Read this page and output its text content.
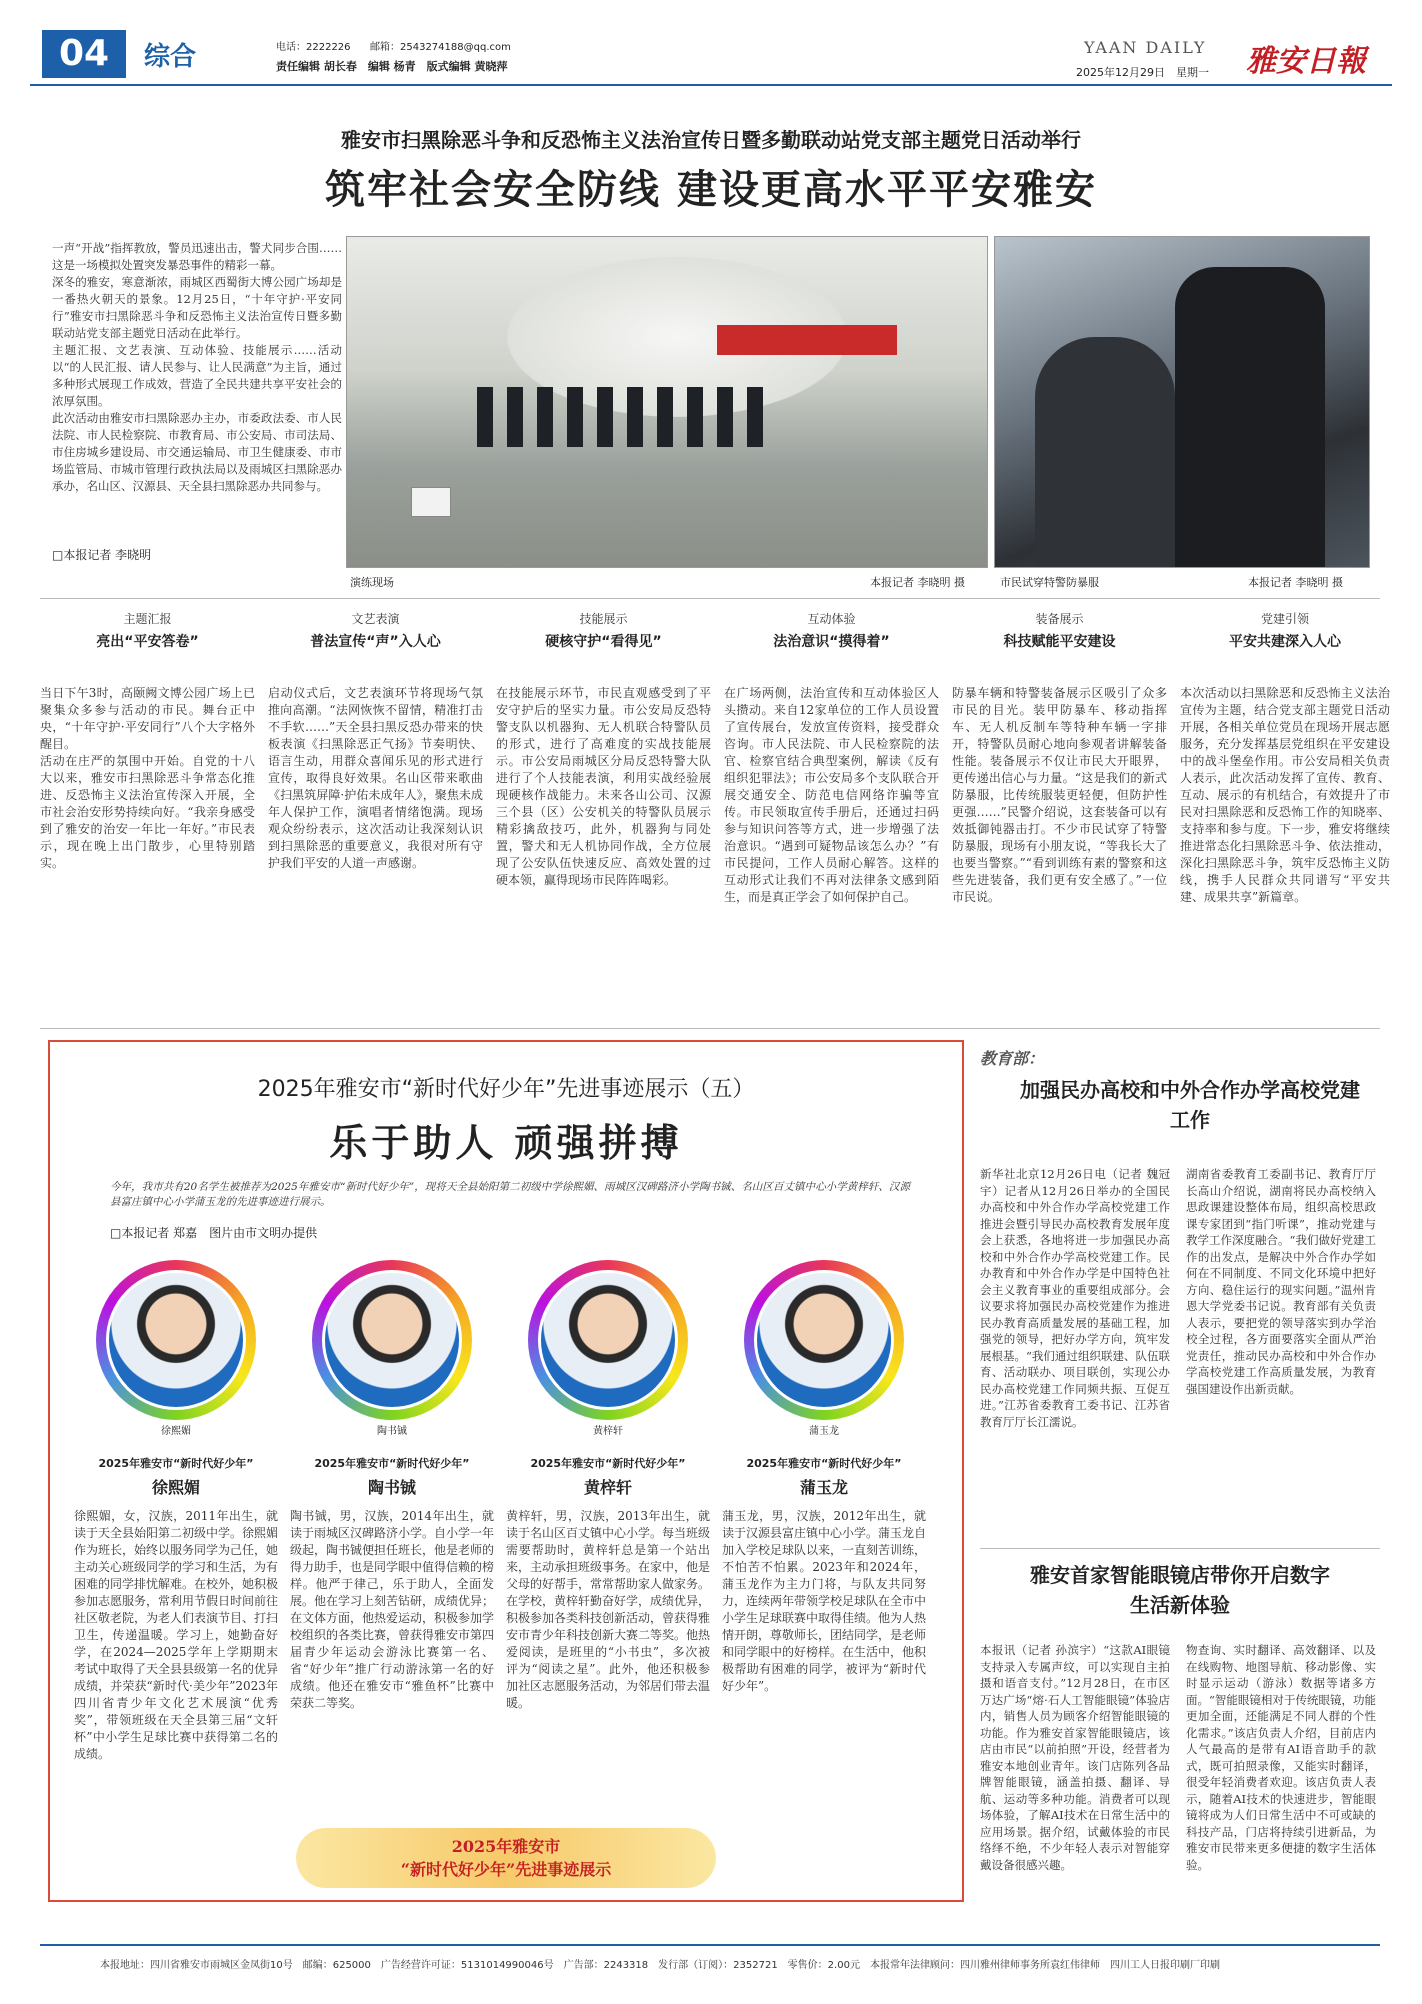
04	综合	电话：2222226 邮箱：2543274188@qq.com
责任编辑 胡长春　编辑 杨青　版式编辑 黄晓萍
YAAN DAILY
2025年12月29日　星期一 雅安日報
雅安市扫黑除恶斗争和反恐怖主义法治宣传日暨多勤联动站党支部主题党日活动举行
筑牢社会安全防线 建设更高水平平安雅安
一声“开战”指挥教放，警员迅速出击，警犬同步合围……这是一场模拟处置突发暴恐事件的精彩一幕。
深冬的雅安，寒意渐浓，雨城区西蜀街大博公园广场却是一番热火朝天的景象。12月25日，“十年守护·平安同行”雅安市扫黑除恶斗争和反恐怖主义法治宣传日暨多勤联动站党支部主题党日活动在此举行。
主题汇报、文艺表演、互动体验、技能展示……活动以“的人民汇报、请人民参与、让人民满意”为主旨，通过多种形式展现工作成效，营造了全民共建共享平安社会的浓厚氛围。
此次活动由雅安市扫黑除恶办主办，市委政法委、市人民法院、市人民检察院、市教育局、市公安局、市司法局、市住房城乡建设局、市交通运输局、市卫生健康委、市市场监管局、市城市管理行政执法局以及雨城区扫黑除恶办承办，名山区、汉源县、天全县扫黑除恶办共同参与。
□本报记者 李晓明
演练现场	本报记者 李晓明 摄	市民试穿特警防暴服	本报记者 李晓明 摄
主题汇报
亮出“平安答卷”
当日下午3时，高颐阙文博公园广场上已聚集众多参与活动的市民。舞台正中央，“十年守护·平安同行”八个大字格外醒目。
活动在庄严的氛围中开始。自党的十八大以来，雅安市扫黑除恶斗争常态化推进、反恐怖主义法治宣传深入开展，全市社会治安形势持续向好。“我亲身感受到了雅安的治安一年比一年好。”市民表示，现在晚上出门散步，心里特别踏实。
文艺表演
普法宣传“声”入人心
启动仪式后，文艺表演环节将现场气氛推向高潮。“法网恢恢不留情，精准打击不手软……”天全县扫黑反恐办带来的快板表演《扫黑除恶正气扬》节奏明快、语言生动，用群众喜闻乐见的形式进行宣传，取得良好效果。名山区带来歌曲《扫黑筑屏障·护佑未成年人》，聚焦未成年人保护工作，演唱者情绪饱满。现场观众纷纷表示，这次活动让我深刻认识到扫黑除恶的重要意义，我很对所有守护我们平安的人道一声感谢。
技能展示
硬核守护“看得见”
在技能展示环节，市民直观感受到了平安守护后的坚实力量。市公安局反恐特警支队以机器狗、无人机联合特警队员的形式，进行了高难度的实战技能展示。市公安局雨城区分局反恐特警大队进行了个人技能表演，利用实战经验展现硬核作战能力。未来各山公司、汉源三个县（区）公安机关的特警队员展示精彩擒敌技巧，此外，机器狗与同处置，警犬和无人机协同作战，全方位展现了公安队伍快速反应、高效处置的过硬本领，赢得现场市民阵阵喝彩。
互动体验
法治意识“摸得着”
在广场两侧，法治宣传和互动体验区人头攒动。来自12家单位的工作人员设置了宣传展台，发放宣传资料，接受群众咨询。市人民法院、市人民检察院的法官、检察官结合典型案例，解读《反有组织犯罪法》；市公安局多个支队联合开展交通安全、防范电信网络诈骗等宣传。市民领取宣传手册后，还通过扫码参与知识问答等方式，进一步增强了法治意识。“遇到可疑物品该怎么办？”有市民提问，工作人员耐心解答。这样的互动形式让我们不再对法律条文感到陌生，而是真正学会了如何保护自己。
装备展示
科技赋能平安建设
防暴车辆和特警装备展示区吸引了众多市民的目光。装甲防暴车、移动指挥车、无人机反制车等特种车辆一字排开，特警队员耐心地向参观者讲解装备性能。装备展示不仅让市民大开眼界，更传递出信心与力量。“这是我们的新式防暴服，比传统服装更轻便，但防护性更强……”民警介绍说，这套装备可以有效抵御钝器击打。不少市民试穿了特警防暴服，现场有小朋友说，“等我长大了也要当警察。”“看到训练有素的警察和这些先进装备，我们更有安全感了。”一位市民说。
党建引领
平安共建深入人心
本次活动以扫黑除恶和反恐怖主义法治宣传为主题，结合党支部主题党日活动开展，各相关单位党员在现场开展志愿服务，充分发挥基层党组织在平安建设中的战斗堡垒作用。市公安局相关负责人表示，此次活动发挥了宣传、教育、互动、展示的有机结合，有效提升了市民对扫黑除恶和反恐怖工作的知晓率、支持率和参与度。下一步，雅安将继续推进常态化扫黑除恶斗争、依法推动，深化扫黑除恶斗争，筑牢反恐怖主义防线，携手人民群众共同谱写“平安共建、成果共享”新篇章。
2025年雅安市“新时代好少年”先进事迹展示（五）
乐于助人 顽强拼搏
今年，我市共有20名学生被推荐为2025年雅安市“新时代好少年”，现将天全县始阳第二初级中学徐熙媚、雨城区汉碑路济小学陶书铖、名山区百丈镇中心小学黄梓轩、汉源县富庄镇中心小学蒲玉龙的先进事迹进行展示。
□本报记者 郑嘉　图片由市文明办提供
徐熙媚
2025年雅安市“新时代好少年”
徐熙媚
徐熙媚，女，汉族，2011年出生，就读于天全县始阳第二初级中学。徐熙媚作为班长，始终以服务同学为己任，她主动关心班级同学的学习和生活，为有困难的同学排忧解难。在校外，她积极参加志愿服务，常利用节假日时间前往社区敬老院，为老人们表演节目、打扫卫生，传递温暖。学习上，她勤奋好学，在2024—2025学年上学期期末考试中取得了天全县县级第一名的优异成绩，并荣获“新时代·美少年”2023年四川省青少年文化艺术展演“优秀奖”，带领班级在天全县第三届“文轩杯”中小学生足球比赛中获得第二名的成绩。
陶书铖
2025年雅安市“新时代好少年”
陶书铖
陶书铖，男，汉族，2014年出生，就读于雨城区汉碑路济小学。自小学一年级起，陶书铖便担任班长，他是老师的得力助手，也是同学眼中值得信赖的榜样。他严于律己，乐于助人，全面发展。他在学习上刻苦钻研，成绩优异；在文体方面，他热爱运动，积极参加学校组织的各类比赛，曾获得雅安市第四届青少年运动会游泳比赛第一名、省“好少年”推广行动游泳第一名的好成绩。他还在雅安市“雅鱼杯”比赛中荣获二等奖。
黄梓轩
2025年雅安市“新时代好少年”
黄梓轩
黄梓轩，男，汉族，2013年出生，就读于名山区百丈镇中心小学。每当班级需要帮助时，黄梓轩总是第一个站出来，主动承担班级事务。在家中，他是父母的好帮手，常常帮助家人做家务。在学校，黄梓轩勤奋好学，成绩优异，积极参加各类科技创新活动，曾获得雅安市青少年科技创新大赛二等奖。他热爱阅读，是班里的“小书虫”，多次被评为“阅读之星”。此外，他还积极参加社区志愿服务活动，为邻居们带去温暖。
蒲玉龙
2025年雅安市“新时代好少年”
蒲玉龙
蒲玉龙，男，汉族，2012年出生，就读于汉源县富庄镇中心小学。蒲玉龙自加入学校足球队以来，一直刻苦训练，不怕苦不怕累。2023年和2024年，蒲玉龙作为主力门将，与队友共同努力，连续两年带领学校足球队在全市中小学生足球联赛中取得佳绩。他为人热情开朗，尊敬师长，团结同学，是老师和同学眼中的好榜样。在生活中，他积极帮助有困难的同学，被评为“新时代好少年”。
2025年雅安市
“新时代好少年”先进事迹展示
教育部：
加强民办高校和中外合作办学高校党建工作
新华社北京12月26日电（记者 魏冠宇）记者从12月26日举办的全国民办高校和中外合作办学高校党建工作推进会暨引导民办高校教育发展年度会上获悉，各地将进一步加强民办高校和中外合作办学高校党建工作。民办教育和中外合作办学是中国特色社会主义教育事业的重要组成部分。会议要求将加强民办高校党建作为推进民办教育高质量发展的基础工程，加强党的领导，把好办学方向，筑牢发展根基。“我们通过组织联建、队伍联育、活动联办、项目联创，实现公办民办高校党建工作同频共振、互促互进。”江苏省委教育工委书记、江苏省教育厅厅长江濡说。
湖南省委教育工委副书记、教育厅厅长高山介绍说，湖南将民办高校纳入思政课建设整体布局，组织高校思政课专家团到“指门听课”，推动党建与教学工作深度融合。“我们做好党建工作的出发点，是解决中外合作办学如何在不同制度、不同文化环境中把好方向、稳住运行的现实问题。”温州肯恩大学党委书记说。教育部有关负责人表示，要把党的领导落实到办学治校全过程，各方面要落实全面从严治党责任，推动民办高校和中外合作办学高校党建工作高质量发展，为教育强国建设作出新贡献。
雅安首家智能眼镜店带你开启数字生活新体验
本报讯（记者 孙滨宇）“这款AI眼镜支持录入专属声纹，可以实现自主拍摄和语音支付。”12月28日，在市区万达广场“熔·石人工智能眼镜”体验店内，销售人员为顾客介绍智能眼镜的功能。作为雅安首家智能眼镜店，该店由市民“以前拍照”开设，经营者为雅安本地创业青年。该门店陈列各品牌智能眼镜，涵盖拍摄、翻译、导航、运动等多种功能。消费者可以现场体验，了解AI技术在日常生活中的应用场景。据介绍，试戴体验的市民络绎不绝，不少年轻人表示对智能穿戴设备很感兴趣。
物查询、实时翻译、高效翻译、以及在线购物、地图导航、移动影像、实时显示运动（游泳）数据等诸多方面。“智能眼镜相对于传统眼镜，功能更加全面，还能满足不同人群的个性化需求。”该店负责人介绍，目前店内人气最高的是带有AI语音助手的款式，既可拍照录像，又能实时翻译，很受年轻消费者欢迎。该店负责人表示，随着AI技术的快速进步，智能眼镜将成为人们日常生活中不可或缺的科技产品，门店将持续引进新品，为雅安市民带来更多便捷的数字生活体验。
本报地址：四川省雅安市雨城区金凤街10号　邮编：625000　广告经营许可证：5131014990046号　广告部：2243318　发行部（订阅）：2352721　零售价：2.00元　本报常年法律顾问：四川雅州律师事务所袁红伟律师　四川工人日报印刷厂印刷
